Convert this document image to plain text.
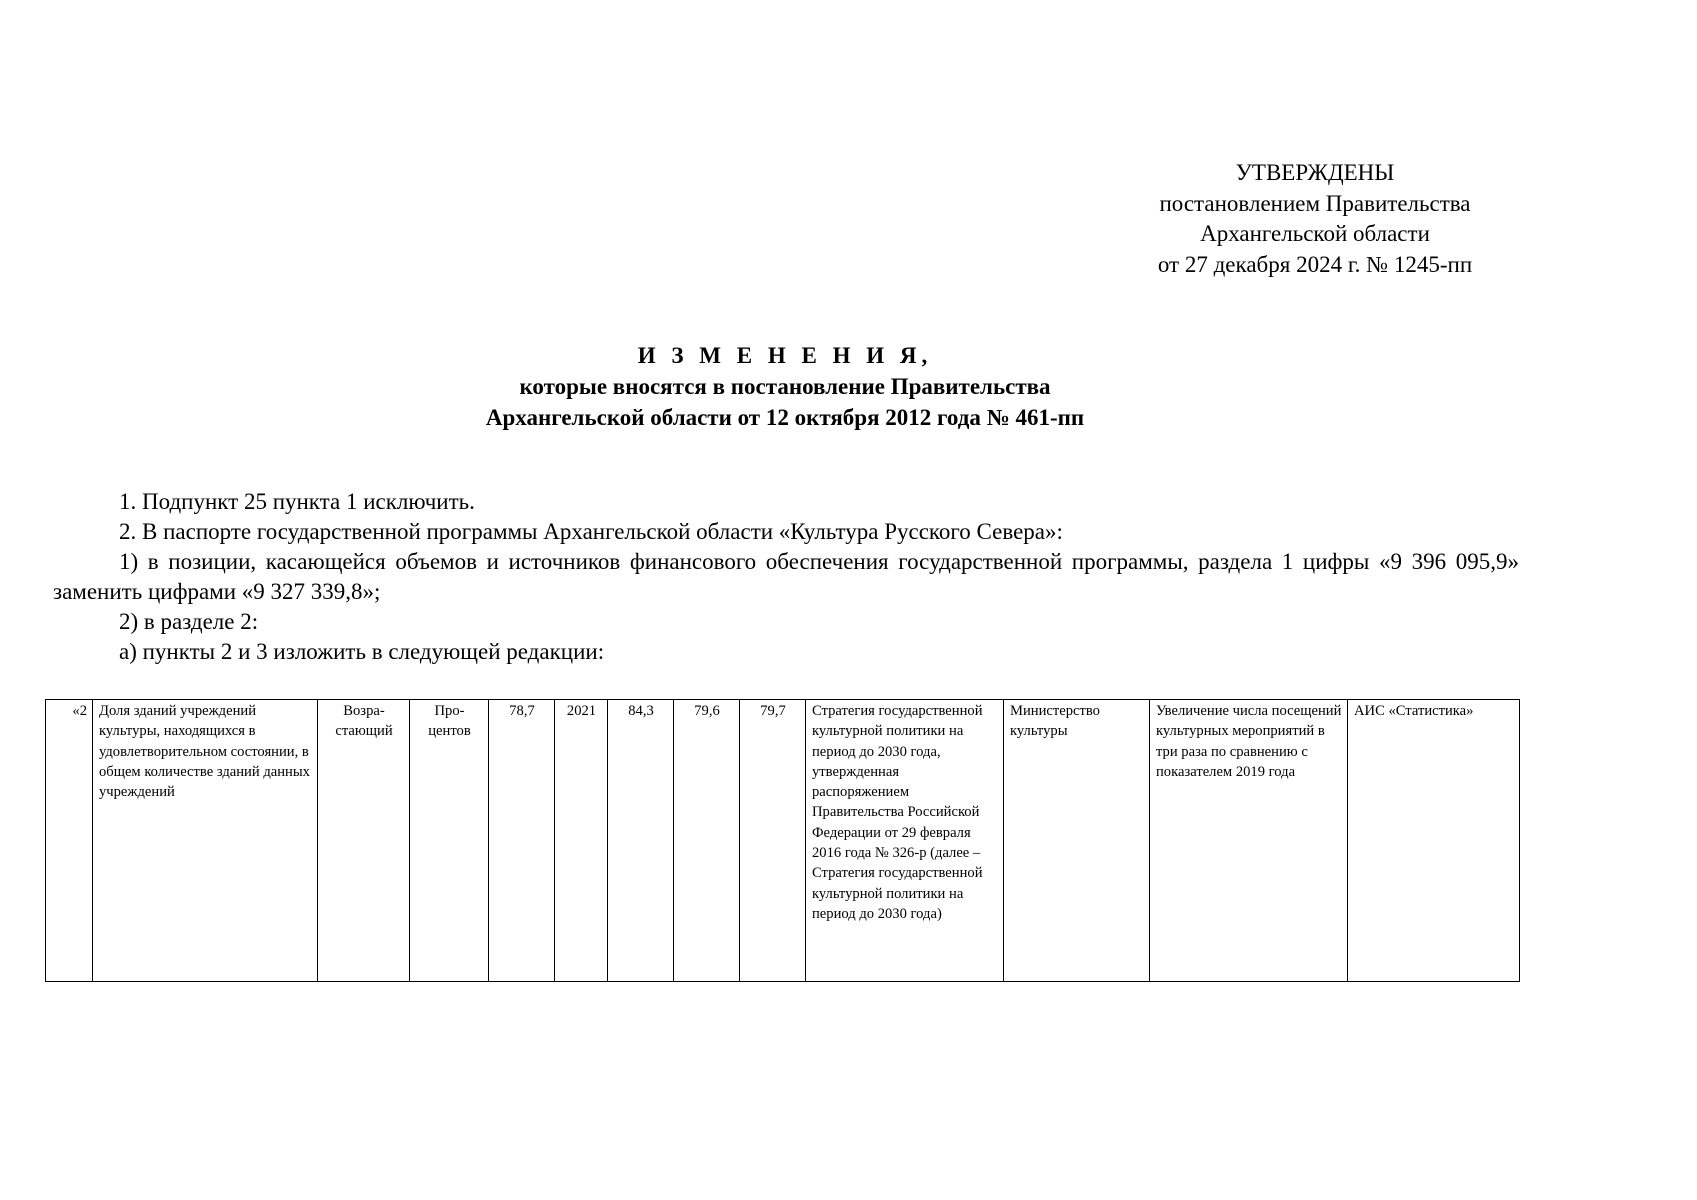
УТВЕРЖДЕНЫ
постановлением Правительства
Архангельской области
от 27 декабря 2024 г. № 1245-пп
И З М Е Н Е Н И Я,
которые вносятся в постановление Правительства
Архангельской области от 12 октября 2012 года № 461-пп

1. Подпункт 25 пункта 1 исключить.

2. В паспорте государственной программы Архангельской области «Культура Русского Севера»:

1) в позиции, касающейся объемов и источников финансового обеспечения государственной программы, раздела 1 цифры «9 396 095,9» заменить цифрами «9 327 339,8»;

2) в разделе 2:

а) пункты 2 и 3 изложить в следующей редакции:

«2	Доля зданий учреждений культуры, находящихся в удовлетворительном состоянии, в общем количестве зданий данных учреждений	Возра-стающий	Про-центов	78,7	2021	84,3	79,6	79,7	Стратегия государственной культурной политики на период до 2030 года, утвержденная распоряжением Правительства Российской Федерации от 29 февраля 2016 года № 326-р (далее – Стратегия государственной культурной политики на период до 2030 года)	Министерство культуры	Увеличение числа посещений культурных мероприятий в три раза по сравнению с показателем 2019 года	АИС «Статистика»
